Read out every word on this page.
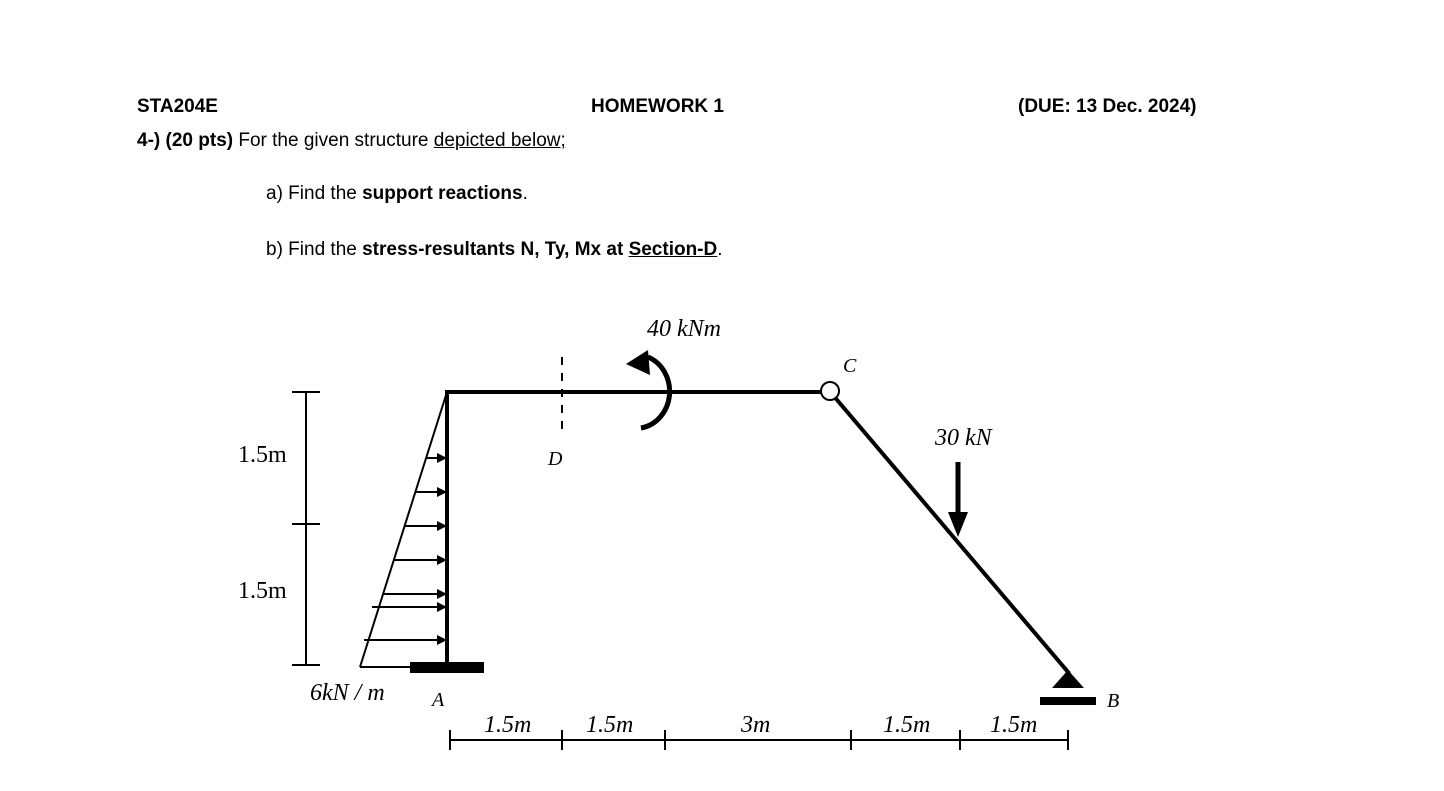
STA204E	HOMEWORK 1	(DUE: 13 Dec. 2024)
4-) (20 pts) For the given structure depicted below;
a) Find the support reactions.
b) Find the stress-resultants N, Ty, Mx at Section-D.
1.5m
1.5m
6kN / m A	B
C
D
40 kNm
30 kN
1.5m 1.5m	3m	1.5m 1.5m
